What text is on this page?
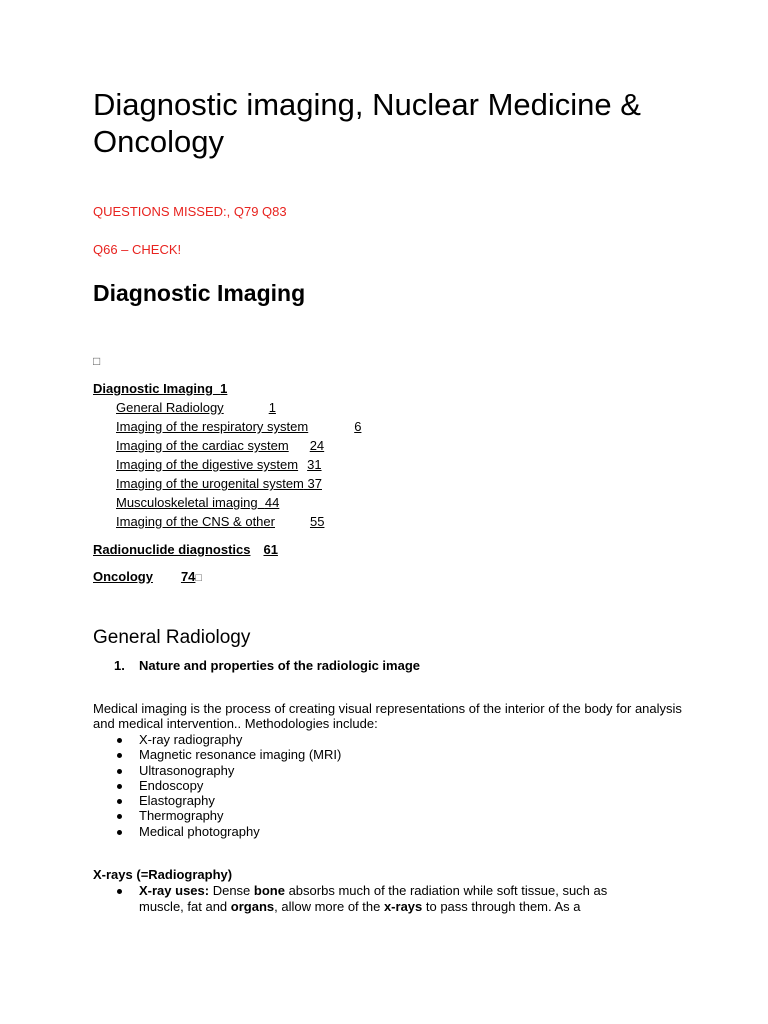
Diagnostic imaging, Nuclear Medicine & Oncology
QUESTIONS MISSED:, Q79 Q83
Q66 – CHECK!
Diagnostic Imaging
□
Diagnostic Imaging 1
General Radiology	1
Imaging of the respiratory system	6
Imaging of the cardiac system 24
Imaging of the digestive system 31
Imaging of the urogenital system 37
Musculoskeletal imaging 44
Imaging of the CNS & other	55
Radionuclide diagnostics 61
Oncology 74□
General Radiology
1. Nature and properties of the radiologic image
Medical imaging is the process of creating visual representations of the interior of the body for analysis and medical intervention.. Methodologies include:
X-ray radiography
Magnetic resonance imaging (MRI)
Ultrasonography
Endoscopy
Elastography
Thermography
Medical photography
X-rays (=Radiography)
X-ray uses: Dense bone absorbs much of the radiation while soft tissue, such as muscle, fat and organs, allow more of the x-rays to pass through them. As a
